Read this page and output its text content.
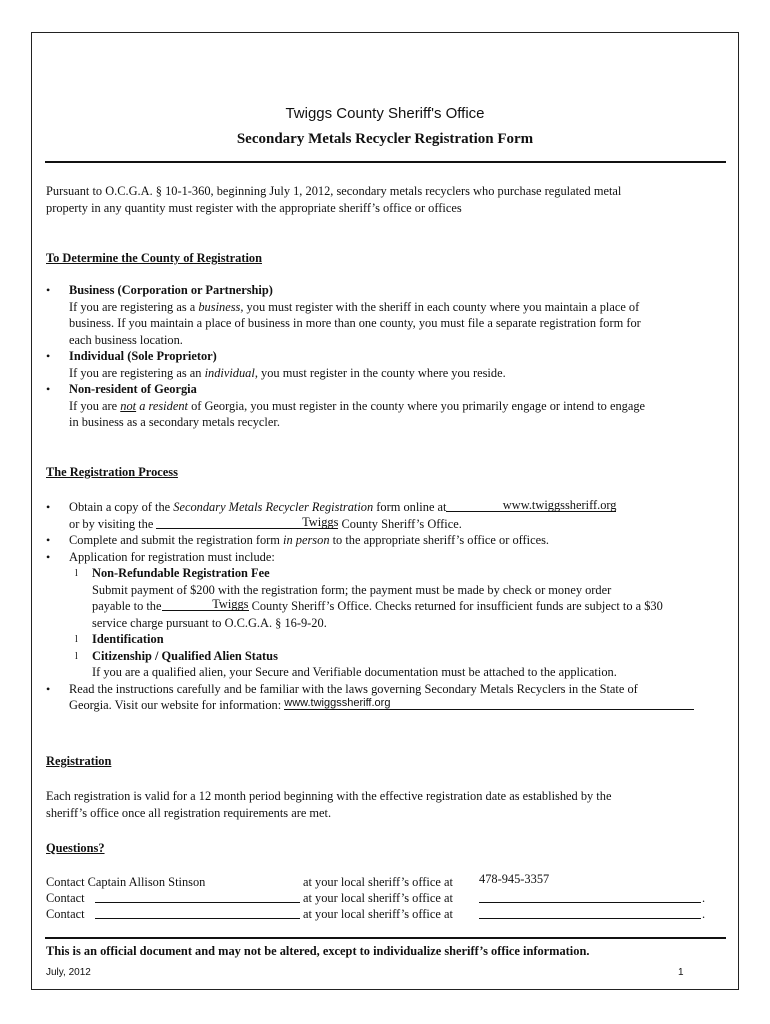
Twiggs County Sheriff's Office
Secondary Metals Recycler Registration Form
Pursuant to O.C.G.A. § 10-1-360, beginning July 1, 2012, secondary metals recyclers who purchase regulated metal
property in any quantity must register with the appropriate sheriff’s office or offices
To Determine the County of Registration
• Business (Corporation or Partnership)
If you are registering as a business, you must register with the sheriff in each county where you maintain a place of
business. If you maintain a place of business in more than one county, you must file a separate registration form for
each business location.
• Individual (Sole Proprietor)
If you are registering as an individual, you must register in the county where you reside.
• Non-resident of Georgia
If you are not a resident of Georgia, you must register in the county where you primarily engage or intend to engage
in business as a secondary metals recycler.
The Registration Process
• Obtain a copy of the Secondary Metals Recycler Registration form online at	www.twiggssheriff.org
or by visiting the	Twiggs County Sheriff’s Office.
• Complete and submit the registration form in person to the appropriate sheriff’s office or offices.
• Application for registration must include:
l Non-Refundable Registration Fee
Submit payment of $200 with the registration form; the payment must be made by check or money order
payable to the	Twiggs County Sheriff’s Office. Checks returned for insufficient funds are subject to a $30
service charge pursuant to O.C.G.A. § 16-9-20.
l Identification
l Citizenship / Qualified Alien Status
If you are a qualified alien, your Secure and Verifiable documentation must be attached to the application.
• Read the instructions carefully and be familiar with the laws governing Secondary Metals Recyclers in the State of
Georgia. Visit our website for information: www.twiggssheriff.org
Registration
Each registration is valid for a 12 month period beginning with the effective registration date as established by the
sheriff’s office once all registration requirements are met.
Questions?
Contact Captain Allison Stinson	at your local sheriff’s office at 478-945-3357
Contact	at your local sheriff’s office at	.
Contact	at your local sheriff’s office at	.
This is an official document and may not be altered, except to individualize sheriff’s office information.
July, 2012	1
